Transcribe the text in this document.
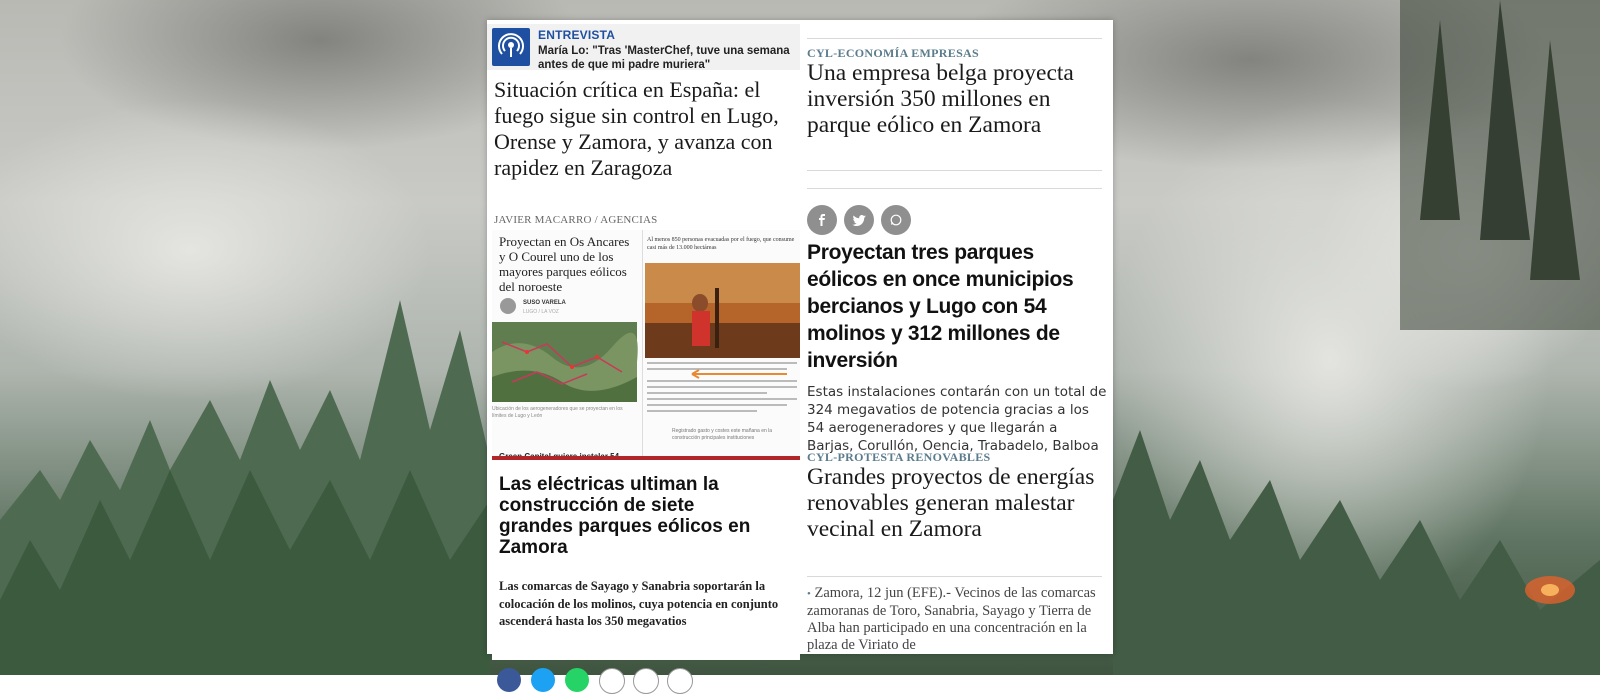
ENTREVISTA
María Lo: "Tras 'MasterChef, tuve una semana antes de que mi padre muriera"
Situación crítica en España: el fuego sigue sin control en Lugo, Orense y Zamora, y avanza con rapidez en Zaragoza
JAVIER MACARRO / AGENCIAS
Proyectan en Os Ancares y O Courel uno de los mayores parques eólicos del noroeste
SUSO VARELA
LUGO / LA VOZ
Ubicación de los aerogeneradores que se proyectan en los límites de Lugo y León
Al menos 850 personas evacuadas por el fuego, que consume casi más de 13.000 hectáreas
Registrado gasto y costes este mañana en la construcción principales instituciones
Las eléctricas ultiman la construcción de siete grandes parques eólicos en Zamora

Las comarcas de Sayago y Sanabria soportarán la colocación de los molinos, cuya potencia en conjunto ascenderá hasta los 350 megavatios

CYL-ECONOMÍA EMPRESAS
Una empresa belga proyecta inversión 350 millones en parque eólico en Zamora
Proyectan tres parques eólicos en once municipios bercianos y Lugo con 54 molinos y 312 millones de inversión

Estas instalaciones contarán con un total de 324 megavatios de potencia gracias a los 54 aerogeneradores y que llegarán a Barjas, Corullón, Oencia, Trabadelo, Balboa

CYL-PROTESTA RENOVABLES
Grandes proyectos de energías renovables generan malestar vecinal en Zamora

• Zamora, 12 jun (EFE).- Vecinos de las comarcas zamoranas de Toro, Sanabria, Sayago y Tierra de Alba han participado en una concentración en la plaza de Viriato de
